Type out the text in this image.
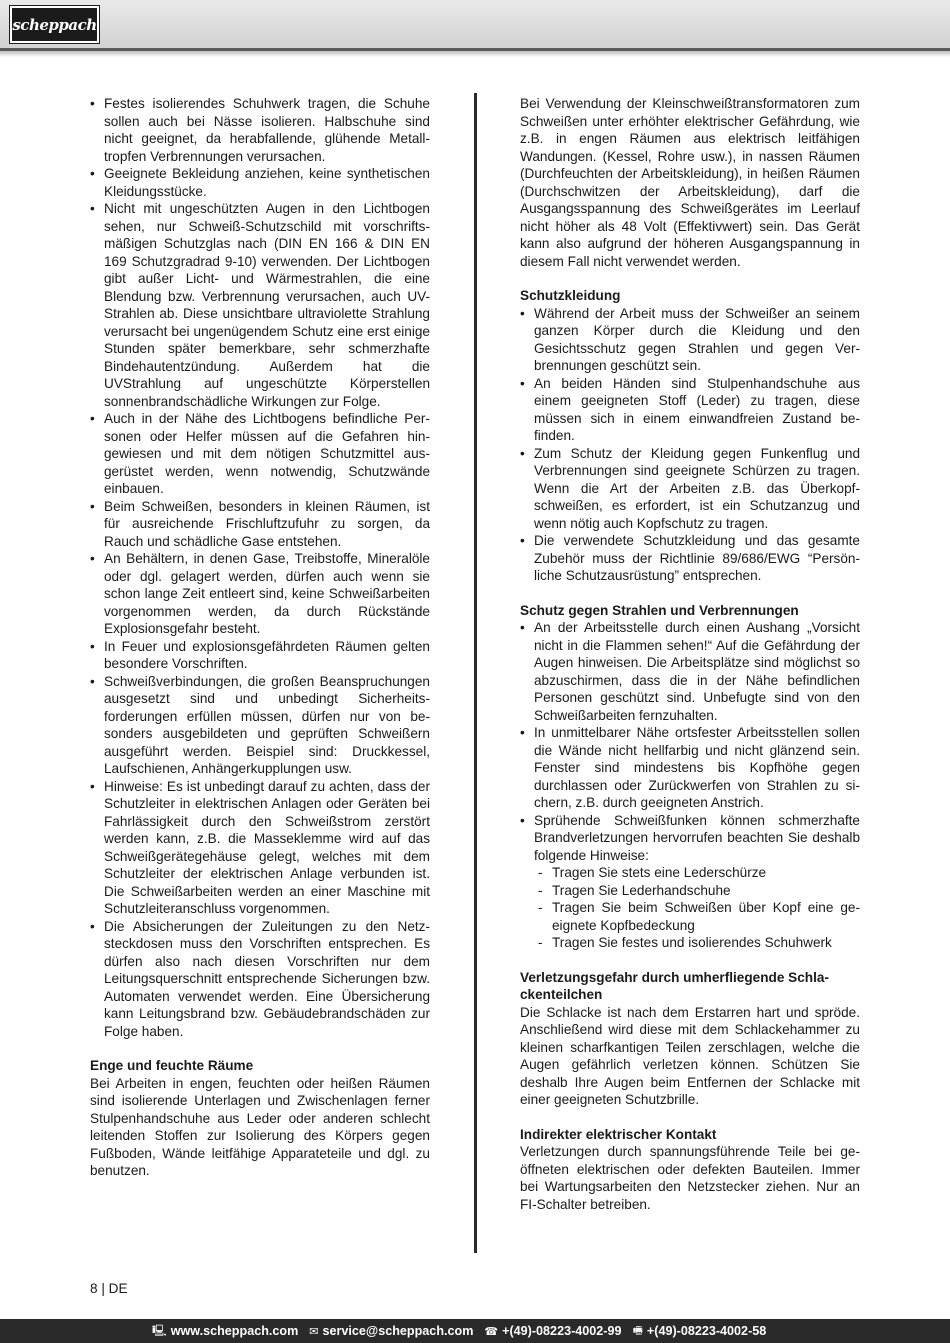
scheppach
• Festes isolierendes Schuhwerk tragen, die Schuhe sollen auch bei Nässe isolieren. Halbschuhe sind nicht geeignet, da herabfallende, glühende Metalltropfen Verbrennungen verursachen.
• Geeignete Bekleidung anziehen, keine synthetischen Kleidungsstücke.
• Nicht mit ungeschützten Augen in den Lichtbogen sehen, nur Schweiß-Schutzschild mit vorschriftsmäßigen Schutzglas nach (DIN EN 166 & DIN EN 169 Schutzgradrad 9-10) verwenden. Der Lichtbogen gibt außer Licht- und Wärmestrahlen, die eine Blendung bzw. Verbrennung verursachen, auch UV-Strahlen ab. Diese unsichtbare ultraviolette Strahlung verursacht bei ungenügendem Schutz eine erst einige Stunden später bemerkbare, sehr schmerzhafte Bindehautentzündung. Außerdem hat die UVStrahlung auf ungeschützte Körperstellen sonnenbrandschädliche Wirkungen zur Folge.
• Auch in der Nähe des Lichtbogens befindliche Personen oder Helfer müssen auf die Gefahren hingewiesen und mit dem nötigen Schutzmittel ausgerüstet werden, wenn notwendig, Schutzwände einbauen.
• Beim Schweißen, besonders in kleinen Räumen, ist für ausreichende Frischluftzufuhr zu sorgen, da Rauch und schädliche Gase entstehen.
• An Behältern, in denen Gase, Treibstoffe, Mineralöle oder dgl. gelagert werden, dürfen auch wenn sie schon lange Zeit entleert sind, keine Schweißarbeiten vorgenommen werden, da durch Rückstände Explosionsgefahr besteht.
• In Feuer und explosionsgefährdeten Räumen gelten besondere Vorschriften.
• Schweißverbindungen, die großen Beanspruchungen ausgesetzt sind und unbedingt Sicherheitsforderungen erfüllen müssen, dürfen nur von besonders ausgebildeten und geprüften Schweißern ausgeführt werden. Beispiel sind: Druckkessel, Laufschienen, Anhängerkupplungen usw.
• Hinweise: Es ist unbedingt darauf zu achten, dass der Schutzleiter in elektrischen Anlagen oder Geräten bei Fahrlässigkeit durch den Schweißstrom zerstört werden kann, z.B. die Masseklemme wird auf das Schweißgerätegehäuse gelegt, welches mit dem Schutzleiter der elektrischen Anlage verbunden ist. Die Schweißarbeiten werden an einer Maschine mit Schutzleiteranschluss vorgenommen.
• Die Absicherungen der Zuleitungen zu den Netzsteckdosen muss den Vorschriften entsprechen. Es dürfen also nach diesen Vorschriften nur dem Leitungsquerschnitt entsprechende Sicherungen bzw. Automaten verwendet werden. Eine Übersicherung kann Leitungsbrand bzw. Gebäudebrandschäden zur Folge haben.
Enge und feuchte Räume

Bei Arbeiten in engen, feuchten oder heißen Räumen sind isolierende Unterlagen und Zwischenlagen ferner Stulpenhandschuhe aus Leder oder anderen schlecht leitenden Stoffen zur Isolierung des Körpers gegen Fußboden, Wände leitfähige Apparateteile und dgl. zu benutzen.

Bei Verwendung der Kleinschweißtransformatoren zum Schweißen unter erhöhter elektrischer Gefährdung, wie z.B. in engen Räumen aus elektrisch leitfähigen Wandungen. (Kessel, Rohre usw.), in nassen Räumen (Durchfeuchten der Arbeitskleidung), in heißen Räumen (Durchschwitzen der Arbeitskleidung), darf die Ausgangsspannung des Schweißgerätes im Leerlauf nicht höher als 48 Volt (Effektivwert) sein. Das Gerät kann also aufgrund der höheren Ausgangspannung in diesem Fall nicht verwendet werden.

Schutzkleidung
• Während der Arbeit muss der Schweißer an seinem ganzen Körper durch die Kleidung und den Gesichtsschutz gegen Strahlen und gegen Verbrennungen geschützt sein.
• An beiden Händen sind Stulpenhandschuhe aus einem geeigneten Stoff (Leder) zu tragen, diese müssen sich in einem einwandfreien Zustand befinden.
• Zum Schutz der Kleidung gegen Funkenflug und Verbrennungen sind geeignete Schürzen zu tragen. Wenn die Art der Arbeiten z.B. das Überkopfschweißen, es erfordert, ist ein Schutzanzug und wenn nötig auch Kopfschutz zu tragen.
• Die verwendete Schutzkleidung und das gesamte Zubehör muss der Richtlinie 89/686/EWG “Persönliche Schutzausrüstung” entsprechen.
Schutz gegen Strahlen und Verbrennungen
• An der Arbeitsstelle durch einen Aushang „Vorsicht nicht in die Flammen sehen!“ Auf die Gefährdung der Augen hinweisen. Die Arbeitsplätze sind möglichst so abzuschirmen, dass die in der Nähe befindlichen Personen geschützt sind. Unbefugte sind von den Schweißarbeiten fernzuhalten.
• In unmittelbarer Nähe ortsfester Arbeitsstellen sollen die Wände nicht hellfarbig und nicht glänzend sein. Fenster sind mindestens bis Kopfhöhe gegen durchlassen oder Zurückwerfen von Strahlen zu sichern, z.B. durch geeigneten Anstrich.
• Sprühende Schweißfunken können schmerzhafte Brandverletzungen hervorrufen beachten Sie deshalb folgende Hinweise:
- Tragen Sie stets eine Lederschürze
- Tragen Sie Lederhandschuhe
- Tragen Sie beim Schweißen über Kopf eine geeignete Kopfbedeckung
- Tragen Sie festes und isolierendes Schuhwerk
Verletzungsgefahr durch umherfliegende Schlackenteilchen

Die Schlacke ist nach dem Erstarren hart und spröde. Anschließend wird diese mit dem Schlackehammer zu kleinen scharfkantigen Teilen zerschlagen, welche die Augen gefährlich verletzen können. Schützen Sie deshalb Ihre Augen beim Entfernen der Schlacke mit einer geeigneten Schutzbrille.

Indirekter elektrischer Kontakt

Verletzungen durch spannungsführende Teile bei geöffneten elektrischen oder defekten Bauteilen. Immer bei Wartungsarbeiten den Netzstecker ziehen. Nur an FI-Schalter betreiben.

8 | DE
🖳 www.scheppach.com ✉ service@scheppach.com ☎ +(49)-08223-4002-99 🖷 +(49)-08223-4002-58
